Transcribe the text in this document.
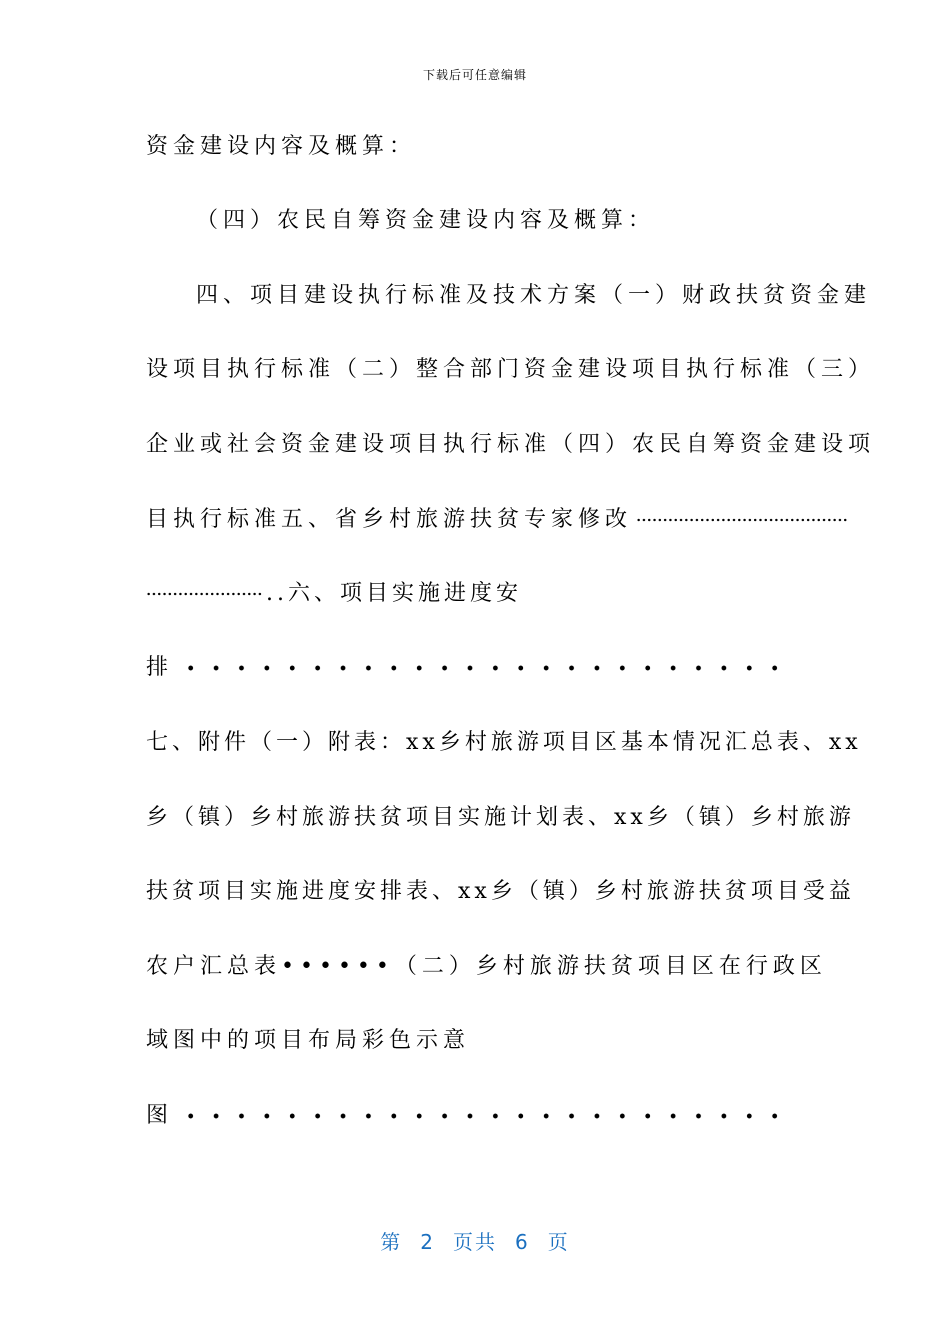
下载后可任意编辑
资金建设内容及概算：
（四）农民自筹资金建设内容及概算：
四、项目建设执行标准及技术方案（一）财政扶贫资金建
设项目执行标准（二）整合部门资金建设项目执行标准（三）
企业或社会资金建设项目执行标准（四）农民自筹资金建设项
目执行标准五、省乡村旅游扶贫专家修改
..六、项目实施进度安
排
七、附件（一）附表：xx乡村旅游项目区基本情况汇总表、xx
乡（镇）乡村旅游扶贫项目实施计划表、xx乡（镇）乡村旅游
扶贫项目实施进度安排表、xx乡（镇）乡村旅游扶贫项目受益
农户汇总表••••••（二）乡村旅游扶贫项目区在行政区
域图中的项目布局彩色示意
图
第 2 页共 6 页
